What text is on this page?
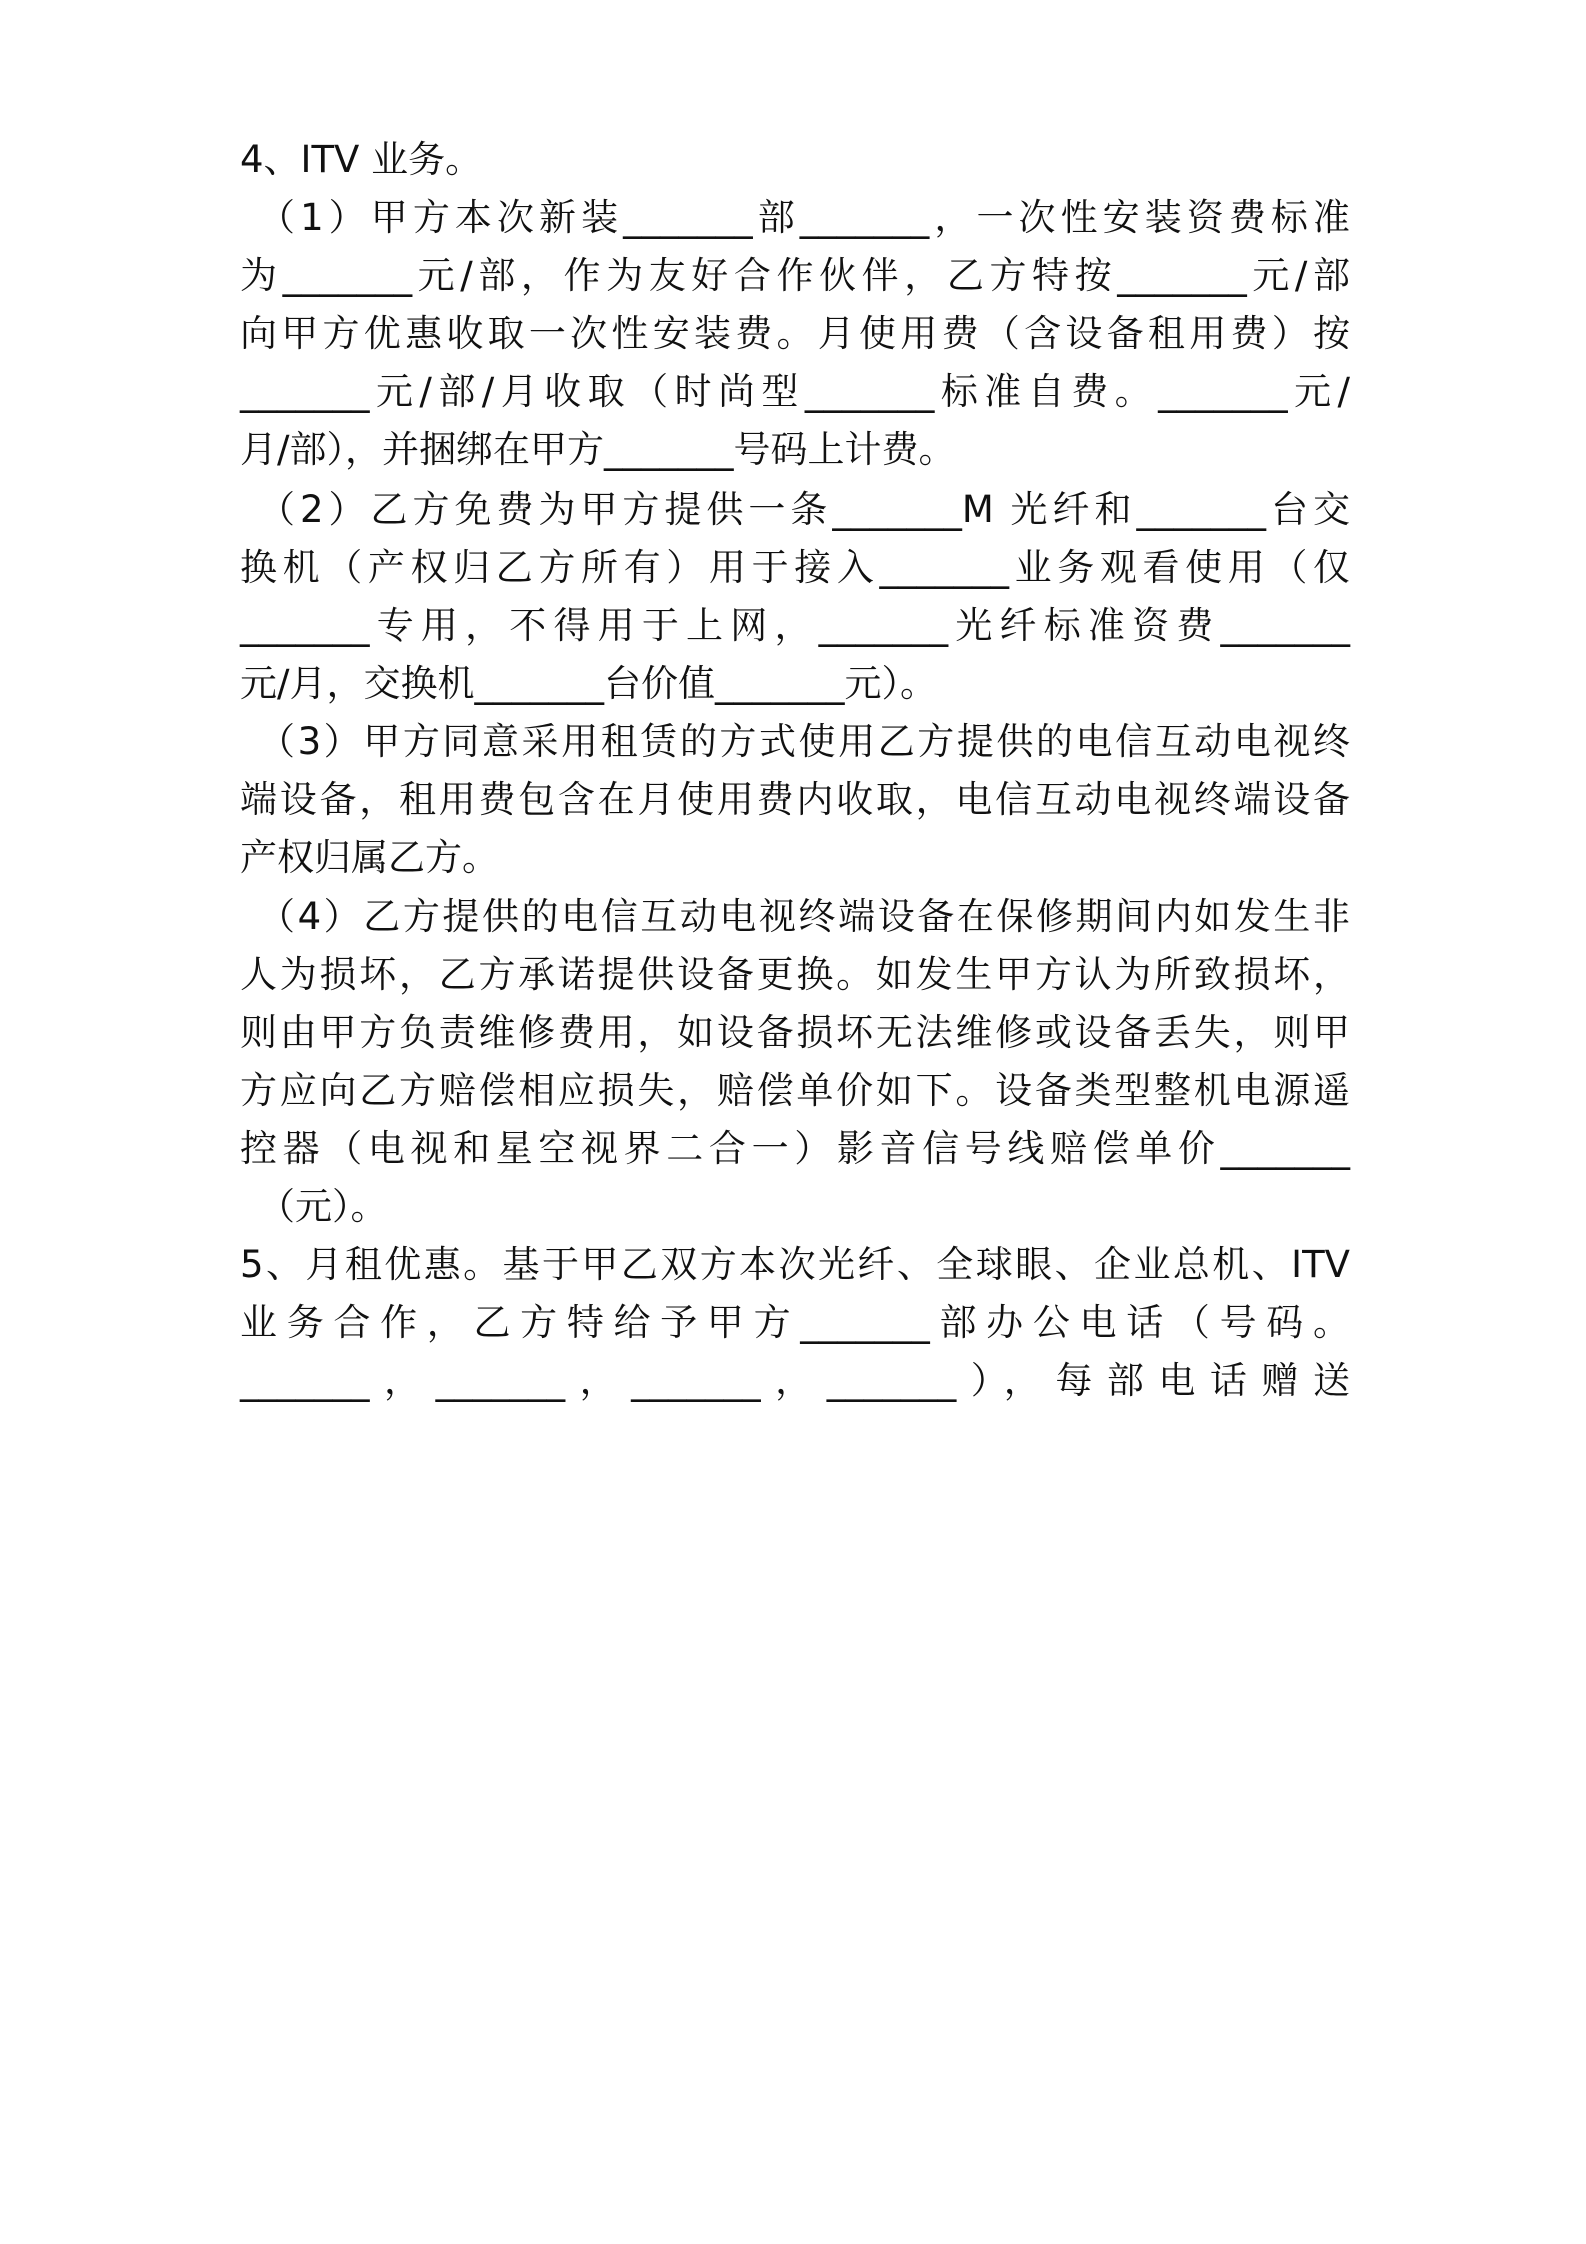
4、ITV 业务。
（1）甲方本次新装_______部_______，一次性安装资费标准
为_______元/部，作为友好合作伙伴，乙方特按_______元/部
向甲方优惠收取一次性安装费。月使用费（含设备租用费）按
_______元/部/月收取（时尚型_______标准自费。_______元/
月/部），并捆绑在甲方_______号码上计费。
（2）乙方免费为甲方提供一条_______M 光纤和_______台交
换机（产权归乙方所有）用于接入_______业务观看使用（仅
_______专用，不得用于上网，_______光纤标准资费_______
元/月，交换机_______台价值_______元）。
（3）甲方同意采用租赁的方式使用乙方提供的电信互动电视终
端设备，租用费包含在月使用费内收取，电信互动电视终端设备
产权归属乙方。
（4）乙方提供的电信互动电视终端设备在保修期间内如发生非
人为损坏，乙方承诺提供设备更换。如发生甲方认为所致损坏，
则由甲方负责维修费用，如设备损坏无法维修或设备丢失，则甲
方应向乙方赔偿相应损失，赔偿单价如下。设备类型整机电源遥
控器（电视和星空视界二合一）影音信号线赔偿单价_______
（元）。
5、月租优惠。基于甲乙双方本次光纤、全球眼、企业总机、ITV
业务合作，乙方特给予甲方_______部办公电话（号码。
_______，_______，_______，_______），每部电话赠送
